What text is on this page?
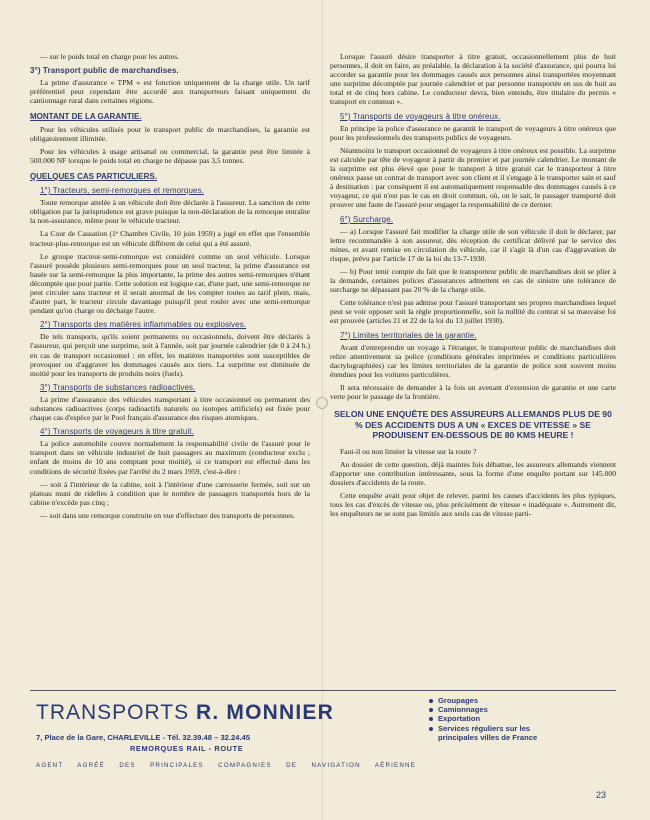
— sur le poids total en charge pour les autres.

3°) Transport public de marchandises.

La prime d'assurance « TPM » est fonction uniquement de la charge utile. Un tarif préférentiel peut cependant être accordé aux transporteurs faisant uniquement du camionnage rural dans certaines régions.

MONTANT DE LA GARANTIE.

Pour les véhicules utilisés pour le transport public de marchandises, la garantie est obligatoirement illimitée.

Pour les véhicules à usage artisanal ou commercial, la garantie peut être limitée à 500.000 NF lorsque le poids total en charge ne dépasse pas 3,5 tonnes.

QUELQUES CAS PARTICULIERS.
1°) Tracteurs, semi-remorques et remorques.

Toute remorque attelée à un véhicule doit être déclarée à l'assureur. La sanction de cette obligation par la jurisprudence est grave puisque la non-déclaration de la remorque entraîne la non-assurance, même pour le véhicule tracteur.

La Cour de Cassation (1ᵉ Chambre Civile, 10 juin 1959) a jugé en effet que l'ensemble tracteur-plus-remorque est un véhicule différent de celui qui a été assuré.

Le groupe tracteur-semi-remorque est considéré comme un seul véhicule. Lorsque l'assuré possède plusieurs semi-remorques pour un seul tracteur, la prime d'assurance est basée sur la semi-remorque la plus importante, la prime des autres semi-remorques n'étant décomptée que pour partie. Cette solution est logique car, d'une part, une semi-remorque ne peut circuler sans tracteur et il serait anormal de les compter toutes au tarif plein, mais, d'autre part, le tracteur circule davantage puisqu'il peut rouler avec une semi-remorque pendant qu'on charge ou décharge l'autre.

2°) Transports des matières inflammables ou explosives.

De tels transports, qu'ils soient permanents ou occasionnels, doivent être déclarés à l'assureur, qui perçoit une surprime, soit à l'année, soit par journée calendrier (de 0 à 24 h.) en cas de transport occasionnel : en effet, les matières transportées sont susceptibles de provoquer ou d'aggraver les dommages causés aux tiers. La surprime est diminuée de moitié pour les transports de produits noirs (fuels).

3°) Transports de substances radioactives.

La prime d'assurance des véhicules transportant à titre occasionnel ou permanent des substances radioactives (corps radioactifs naturels ou isotopes artificiels) est fixée pour chaque cas d'espèce par le Pool français d'assurance des risques atomiques.

4°) Transports de voyageurs à titre gratuit.

La police automobile couvre normalement la responsabilité civile de l'assuré pour le transport dans un véhicule industriel de huit passagers au maximum (conducteur exclu ; enfant de moins de 10 ans comptant pour moitié), si ce transport est effectué dans les conditions de sécurité fixées par l'arrêté du 2 mars 1959, c'est-à-dire :

— soit à l'intérieur de la cabine, soit à l'intérieur d'une carrosserie fermée, soit sur un plateau muni de ridelles à condition que le nombre de passagers transportés hors de la cabine n'excède pas cinq ;

— soit dans une remorque construite en vue d'effectuer des transports de personnes.

Lorsque l'assuré désire transporter à titre gratuit, occasionnellement plus de huit personnes, il doit en faire, au préalable, la déclaration à la société d'assurance, qui pourra lui accorder sa garantie pour les dommages causés aux personnes ainsi transportées moyennant une surprime décomptée par journée calendrier et par personne transportée en sus de huit au total et de cinq hors cabine. Le conducteur devra, bien entendu, être titulaire du permis « transport en commun ».

5°) Transports de voyageurs à titre onéreux.

En principe la police d'assurance ne garantit le transport de voyageurs à titre onéreux que pour les professionnels des transports publics de voyageurs.

Néanmoins le transport occasionnel de voyageurs à titre onéreux est possible. La surprime est calculée par tête de voyageur à partir du premier et par journée calendrier. Le montant de la surprime est plus élevé que pour le transport à titre gratuit car le transporteur à titre onéreux passe un contrat de transport avec son client et il s'engage à le transporter sain et sauf à destination : par conséquent il est automatiquement responsable des dommages causés à ce voyageur, ce qui n'est pas le cas en droit commun, où, on le sait, le passager transporté doit prouver une faute de l'assuré pour engager la responsabilité de ce dernier.

6°) Surcharge.

— a) Lorsque l'assuré fait modifier la charge utile de son véhicule il doit le déclarer, par lettre recommandée à son assureur, dès réception du certificat délivré par le service des mines, et avant remise en circulation du véhicule, car il s'agit là d'un cas d'aggravation de risque, prévu par l'article 17 de la loi du 13-7-1930.

— b) Pour tenir compte du fait que le transporteur public de marchandises doit se plier à la demande, certaines polices d'assurances admettent en cas de sinistre une tolérance de surcharge ne dépassant pas 20 % de la charge utile.

Cette tolérance n'est pas admise pour l'assuré transportant ses propres marchandises lequel peut se voir opposer soit la règle proportionnelle, soit la nullité du contrat si sa mauvaise foi est prouvée (articles 21 et 22 de la loi du 13 juillet 1930).

7°) Limites territoriales de la garantie.

Avant d'entreprendre un voyage à l'étranger, le transporteur public de marchandises doit relire attentivement sa police (conditions générales imprimées et conditions particulières dactylographiées) car les limites territoriales de la garantie de police sont souvent moins étendues pour les voitures particulières.

Il sera nécessaire de demander à la fois un avenant d'extension de garantie et une carte verte pour le passage de la frontière.

SELON UNE ENQUÊTE DES ASSUREURS ALLEMANDS PLUS DE 90 % DES ACCIDENTS DUS A UN « EXCES DE VITESSE » SE PRODUISENT EN-DESSOUS DE 80 KMS HEURE !

Faut-il ou non limiter la vitesse sur la route ?

Au dossier de cette question, déjà maintes fois débattue, les assureurs allemands viennent d'apporter une contribution intéressante, sous la forme d'une enquête portant sur 145.000 dossiers d'accidents de la route.

Cette enquête avait pour objet de relever, parmi les causes d'accidents les plus typiques, tous les cas d'excès de vitesse ou, plus précisément de vitesse « inadéquate ». Autrement dit, les enquêteurs ne se sont pas limités aux seuls cas de vitesse parti-

TRANSPORTS R. MONNIER
7, Place de la Gare, CHARLEVILLE - Tél. 32.39.48 – 32.24.45
REMORQUES RAIL - ROUTE
Groupages
Camionnages
Exportation
Services réguliers sur les
principales villes de France
AGENT AGRÉÉ DES PRINCIPALES COMPAGNIES DE NAVIGATION AÉRIENNE
23
